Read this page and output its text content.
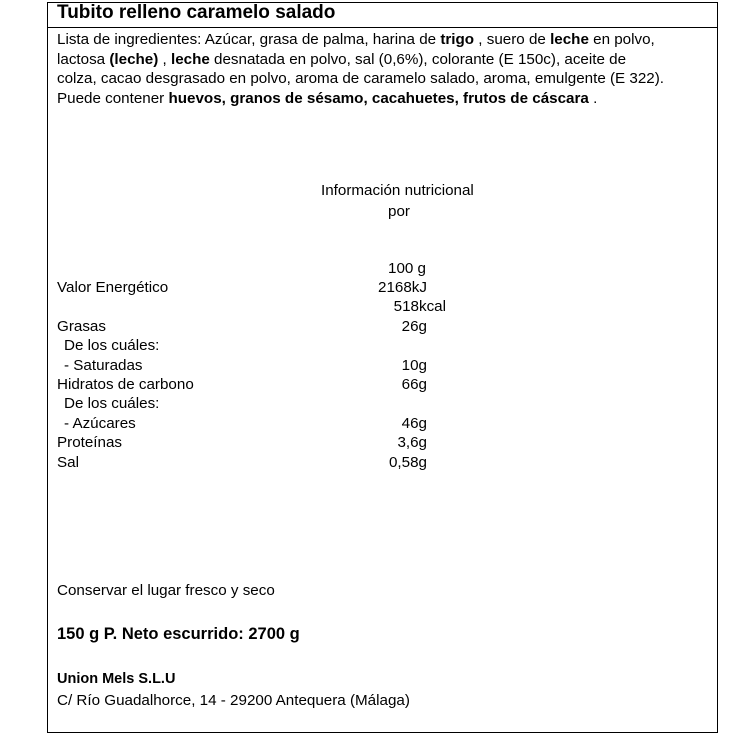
Tubito relleno caramelo salado
Lista de ingredientes: Azúcar, grasa de palma, harina de trigo , suero de leche en polvo, lactosa (leche) , leche desnatada en polvo, sal (0,6%), colorante (E 150c), aceite de colza, cacao desgrasado en polvo, aroma de caramelo salado, aroma, emulgente (E 322). Puede contener huevos, granos de sésamo, cacahuetes, frutos de cáscara .
Información nutricional
por
100 g
Valor Energético	2168kJ
518kcal
Grasas	26g
De los cuáles:
- Saturadas	10g
Hidratos de carbono	66g
De los cuáles:
- Azúcares	46g
Proteínas	3,6g
Sal	0,58g
Conservar el lugar fresco y seco
150 g P. Neto escurrido: 2700 g
Union Mels S.L.U
C/ Río Guadalhorce, 14 - 29200 Antequera (Málaga)
